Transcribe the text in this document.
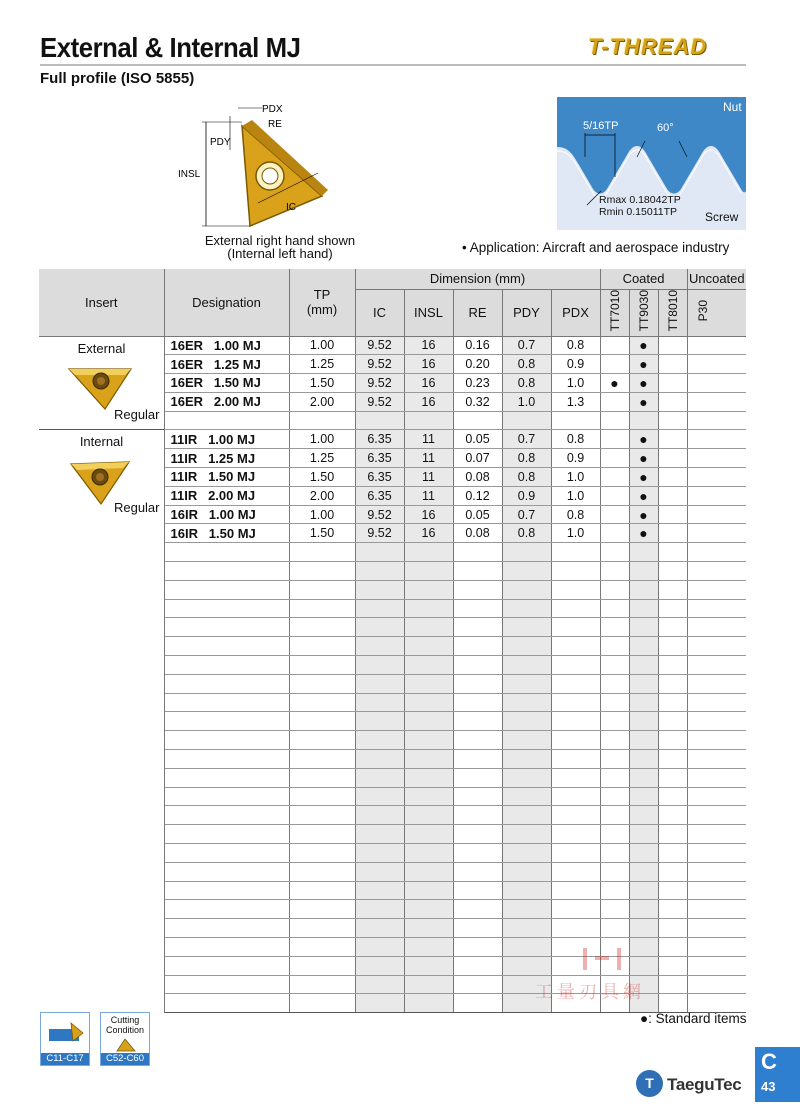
External & Internal MJ
Full profile (ISO 5855)
T-THREAD
PDX
RE
PDY
INSL
IC
External right hand shown
(Internal left hand)
Nut
5/16TP	60°
Rmax 0.18042TP
Rmin 0.15011TP Screw
• Application: Aircraft and aerospace industry
Insert	Designation	TP
(mm)	Dimension (mm)					Coated			Uncoated
			IC	INSL	RE	PDY	PDX	TT7010	TT9030	TT8010	P30

External
Regular	16ER   1.00 MJ	1.00	9.52	16	0.16	0.7	0.8		●		
	16ER   1.25 MJ	1.25	9.52	16	0.20	0.8	0.9		●		
	16ER   1.50 MJ	1.50	9.52	16	0.23	0.8	1.0	●	●		
	16ER   2.00 MJ	2.00	9.52	16	0.32	1.0	1.3		●		

Internal
Regular	11IR   1.00 MJ	1.00	6.35	11	0.05	0.7	0.8		●		
	11IR   1.25 MJ	1.25	6.35	11	0.07	0.8	0.9		●		
	11IR   1.50 MJ	1.50	6.35	11	0.08	0.8	1.0		●		
	11IR   2.00 MJ	2.00	6.35	11	0.12	0.9	1.0		●		
	16IR   1.00 MJ	1.00	9.52	16	0.05	0.7	0.8		●		
	16IR   1.50 MJ	1.50	9.52	16	0.08	0.8	1.0		●		

●: Standard items
C11-C17
Cutting Condition
C52-C60
工量刃具網
T TaeguTec
C
43
